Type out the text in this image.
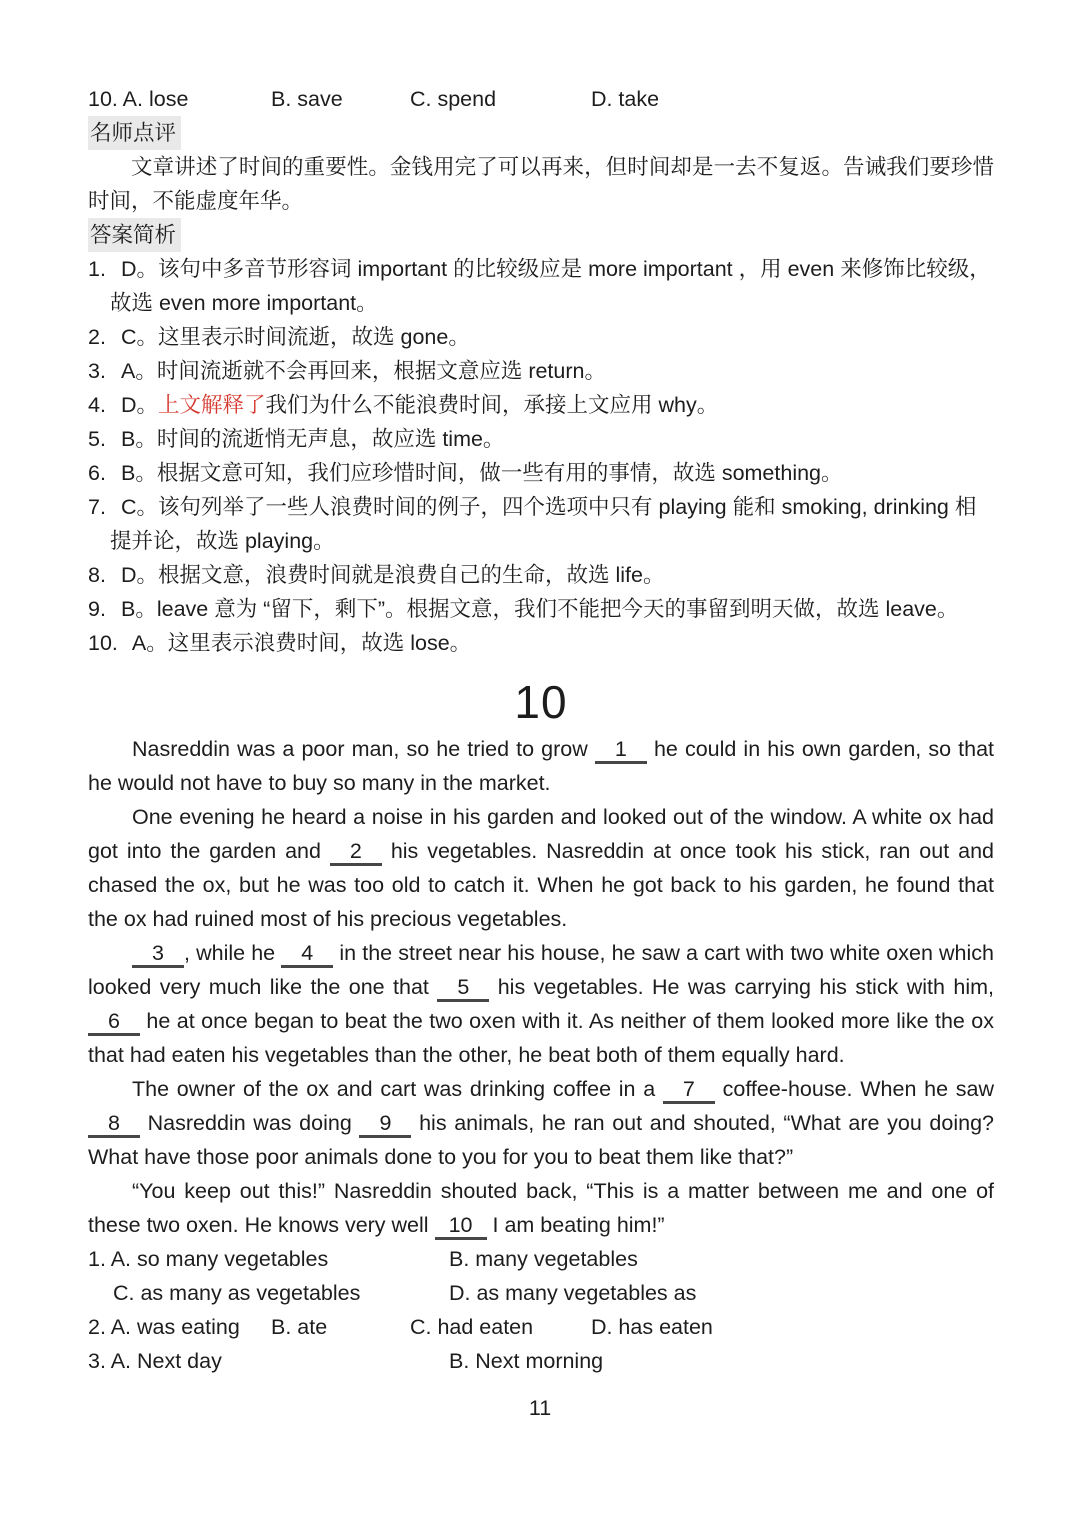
10. A. lose	B. save	C. spend	D. take
名师点评

文章讲述了时间的重要性。金钱用完了可以再来，但时间却是一去不复返。告诫我们要珍惜时间，不能虚度年华。

答案简析
1. D。该句中多音节形容词 important 的比较级应是 more important ，用 even 来修饰比较级，故选 even more important。
2. C。这里表示时间流逝，故选 gone。
3. A。时间流逝就不会再回来，根据文意应选 return。
4. D。上文解释了我们为什么不能浪费时间，承接上文应用 why。
5. B。时间的流逝悄无声息，故应选 time。
6. B。根据文意可知，我们应珍惜时间，做一些有用的事情，故选 something。
7. C。该句列举了一些人浪费时间的例子，四个选项中只有 playing 能和 smoking, drinking 相提并论，故选 playing。
8. D。根据文意，浪费时间就是浪费自己的生命，故选 life。
9. B。leave 意为 “留下，剩下”。根据文意，我们不能把今天的事留到明天做，故选 leave。
10. A。这里表示浪费时间，故选 lose。
10

Nasreddin was a poor man, so he tried to grow 1 he could in his own garden, so that he would not have to buy so many in the market.

One evening he heard a noise in his garden and looked out of the window. A white ox had got into the garden and 2 his vegetables. Nasreddin at once took his stick, ran out and chased the ox, but he was too old to catch it. When he got back to his garden, he found that the ox had ruined most of his precious vegetables.

3 , while he 4 in the street near his house, he saw a cart with two white oxen which looked very much like the one that 5 his vegetables. He was carrying his stick with him, 6 he at once began to beat the two oxen with it. As neither of them looked more like the ox that had eaten his vegetables than the other, he beat both of them equally hard.

The owner of the ox and cart was drinking coffee in a 7 coffee-house. When he saw 8 Nasreddin was doing 9 his animals, he ran out and shouted, “What are you doing? What have those poor animals done to you for you to beat them like that?”

“You keep out this!” Nasreddin shouted back, “This is a matter between me and one of these two oxen. He knows very well 10 I am beating him!”

1. A. so many vegetables	B. many vegetables
C. as many as vegetables	D. as many vegetables as
2. A. was eating B. ate	C. had eaten	D. has eaten
3. A. Next day	B. Next morning
11
